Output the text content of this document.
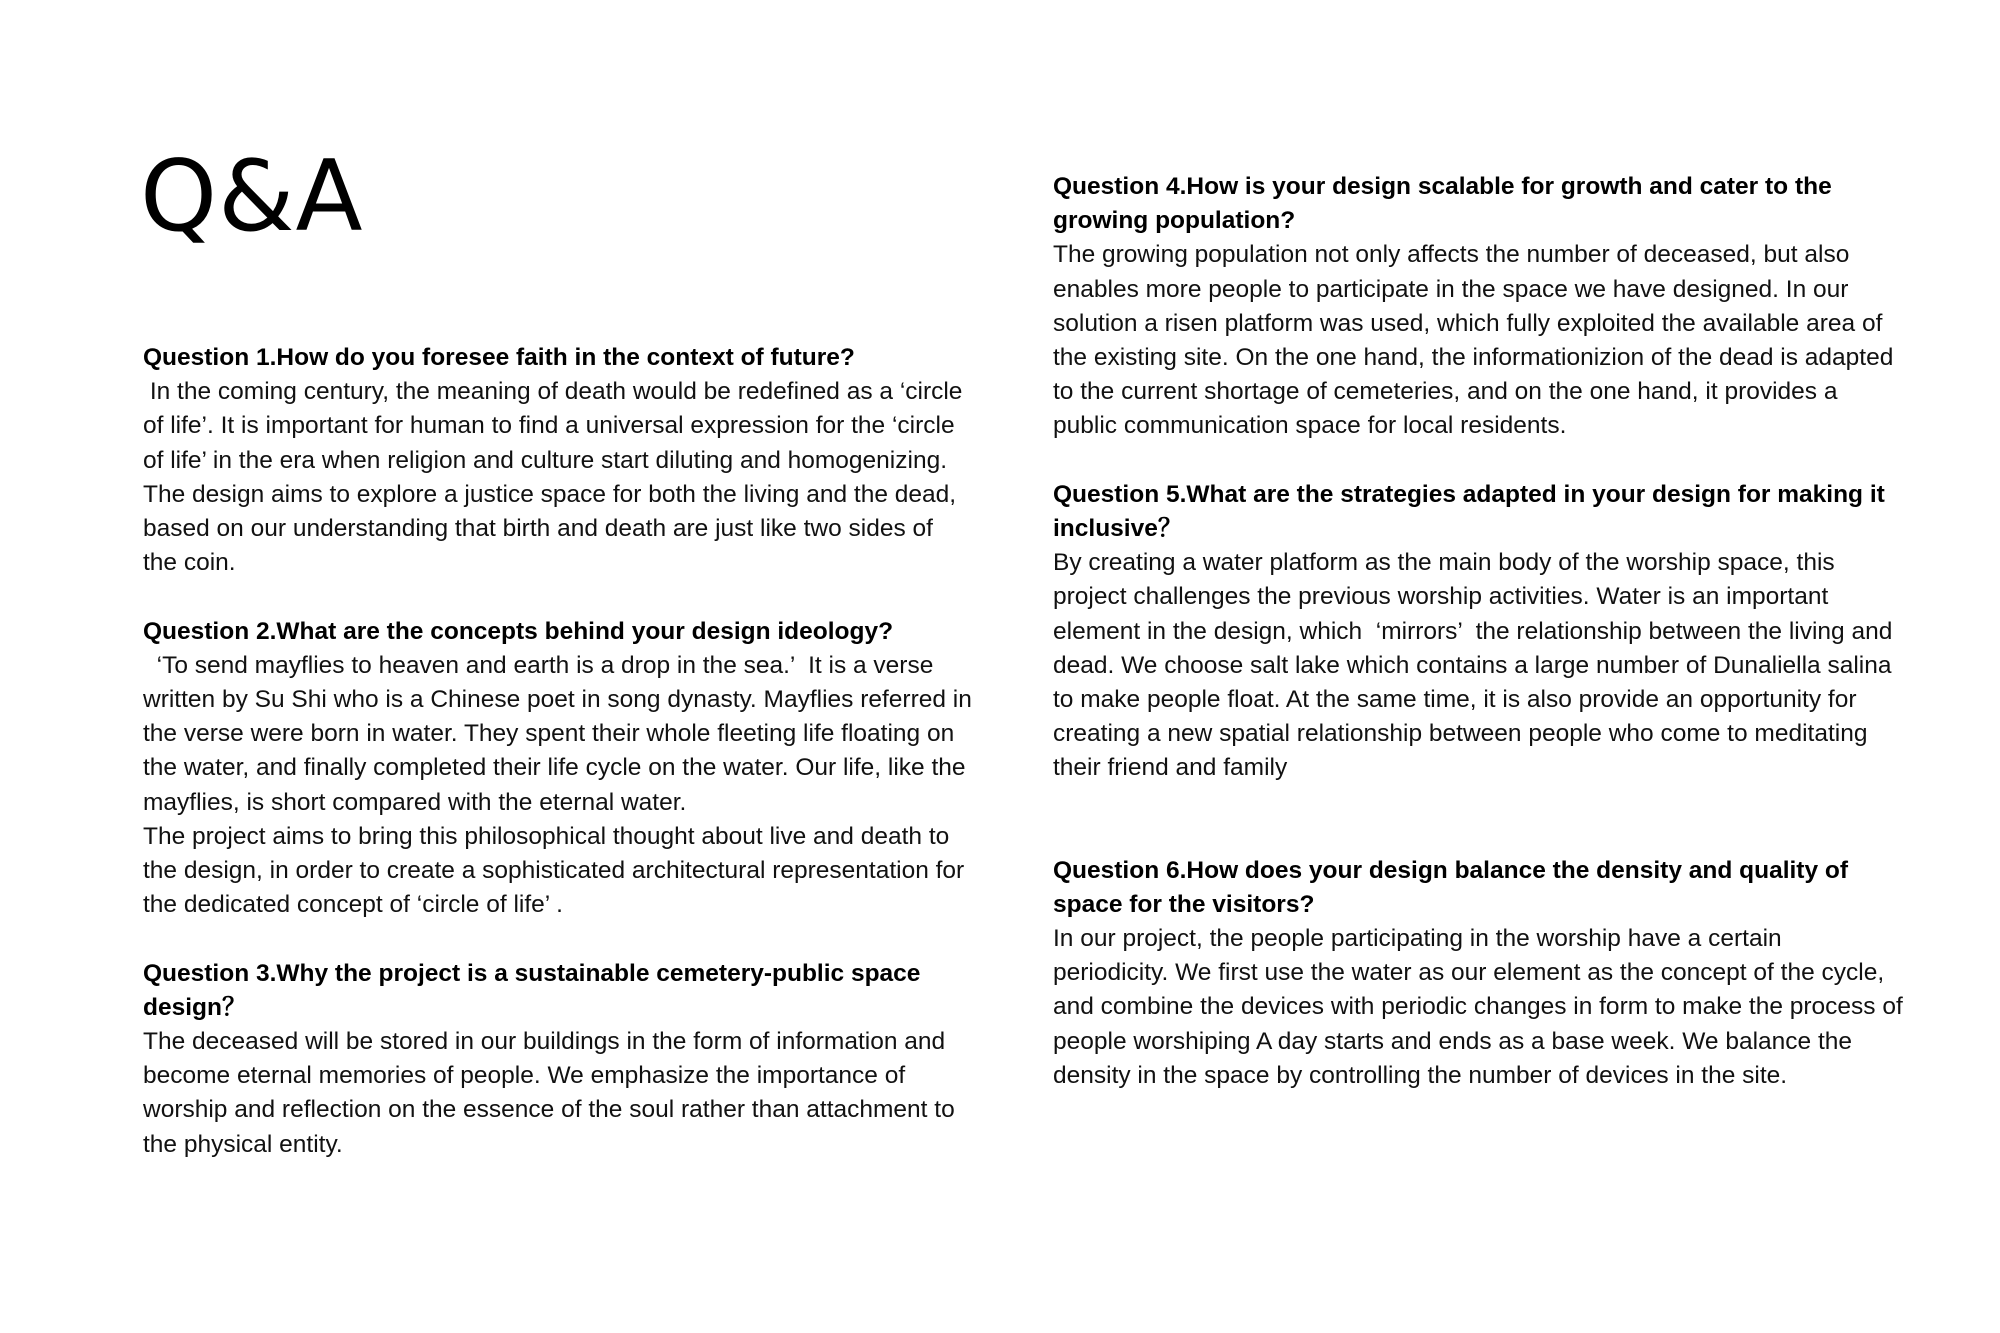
Q&A

Question 1.How do you foresee faith in the context of future?

In the coming century, the meaning of death would be redefined as a ‘circle of life’. It is important for human to find a universal expression for the ‘circle of life’ in the era when religion and culture start diluting and homogenizing. The design aims to explore a justice space for both the living and the dead, based on our understanding that birth and death are just like two sides of the coin.

Question 2.What are the concepts behind your design ideology?

‘To send mayflies to heaven and earth is a drop in the sea.’  It is a verse written by Su Shi who is a Chinese poet in song dynasty. Mayflies referred in the verse were born in water. They spent their whole fleeting life floating on the water, and finally completed their life cycle on the water. Our life, like the mayflies, is short compared with the eternal water.
The project aims to bring this philosophical thought about live and death to the design, in order to create a sophisticated architectural representation for the dedicated concept of ‘circle of life’ .

Question 3.Why the project is a sustainable cemetery-public space design？

The deceased will be stored in our buildings in the form of information and become eternal memories of people. We emphasize the importance of worship and reflection on the essence of the soul rather than attachment to the physical entity.

Question 4.How is your design scalable for growth and cater to the growing population?

The growing population not only affects the number of deceased, but also enables more people to participate in the space we have designed. In our solution a risen platform was used, which fully exploited the available area of the existing site. On the one hand, the informationizion of the dead is adapted to the current shortage of cemeteries, and on the one hand, it provides a public communication space for local residents.

Question 5.What are the strategies adapted in your design for making it inclusive？

By creating a water platform as the main body of the worship space, this project challenges the previous worship activities. Water is an important element in the design, which  ‘mirrors’  the relationship between the living and dead. We choose salt lake which contains a large number of Dunaliella salina to make people float. At the same time, it is also provide an opportunity for creating a new spatial relationship between people who come to meditating their friend and family

Question 6.How does your design balance the density and quality of space for the visitors?

In our project, the people participating in the worship have a certain periodicity. We first use the water as our element as the concept of the cycle, and combine the devices with periodic changes in form to make the process of people worshiping A day starts and ends as a base week. We balance the density in the space by controlling the number of devices in the site.
